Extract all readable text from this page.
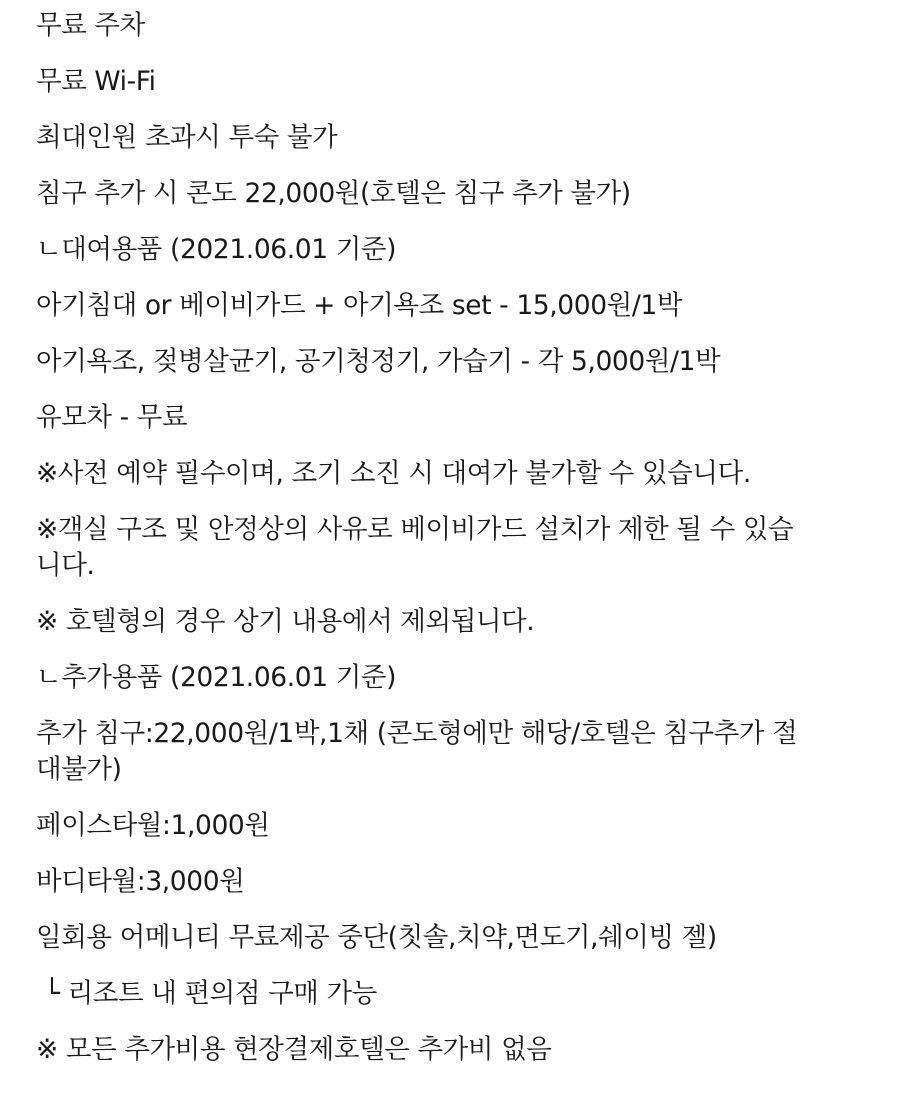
무료 주차
무료 Wi-Fi
최대인원 초과시 투숙 불가
침구 추가 시 콘도 22,000원(호텔은 침구 추가 불가)
ㄴ대여용품 (2021.06.01 기준)
아기침대 or 베이비가드 + 아기욕조 set - 15,000원/1박
아기욕조, 젖병살균기, 공기청정기, 가습기 - 각 5,000원/1박
유모차 - 무료
※사전 예약 필수이며, 조기 소진 시 대여가 불가할 수 있습니다.
※객실 구조 및 안정상의 사유로 베이비가드 설치가 제한 될 수 있습
니다.
※ 호텔형의 경우 상기 내용에서 제외됩니다.
ㄴ추가용품 (2021.06.01 기준)
추가 침구:22,000원/1박,1채 (콘도형에만 해당/호텔은 침구추가 절
대불가)
페이스타월:1,000원
바디타월:3,000원
일회용 어메니티 무료제공 중단(칫솔,치약,면도기,쉐이빙 젤)
└ 리조트 내 편의점 구매 가능
※ 모든 추가비용 현장결제호텔은 추가비 없음
